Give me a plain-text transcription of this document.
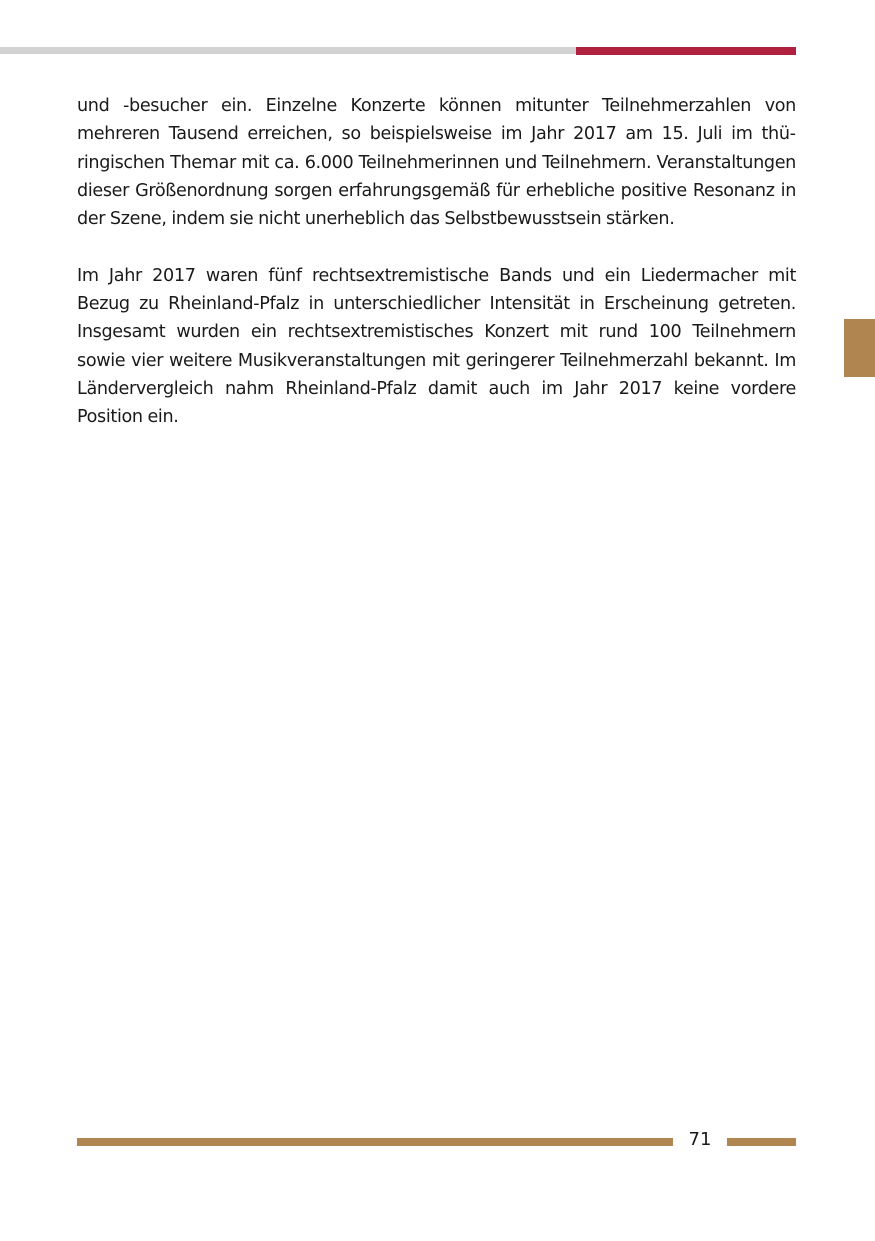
und -besucher ein. Einzelne Konzerte können mitunter Teilnehmerzahlen von mehreren Tausend erreichen, so beispielsweise im Jahr 2017 am 15. Juli im thüringischen Themar mit ca. 6.000 Teilnehmerinnen und Teilnehmern. Veranstaltungen dieser Größenordnung sorgen erfahrungsgemäß für erhebliche positive Resonanz in der Szene, indem sie nicht unerheblich das Selbstbewusstsein stärken.

Im Jahr 2017 waren fünf rechtsextremistische Bands und ein Liedermacher mit Bezug zu Rheinland-Pfalz in unterschiedlicher Intensität in Erscheinung getreten. Insgesamt wurden ein rechtsextremistisches Konzert mit rund 100 Teilnehmern sowie vier weitere Musikveranstaltungen mit geringerer Teilnehmerzahl bekannt. Im Ländervergleich nahm Rheinland-Pfalz damit auch im Jahr 2017 keine vordere Position ein.

71
